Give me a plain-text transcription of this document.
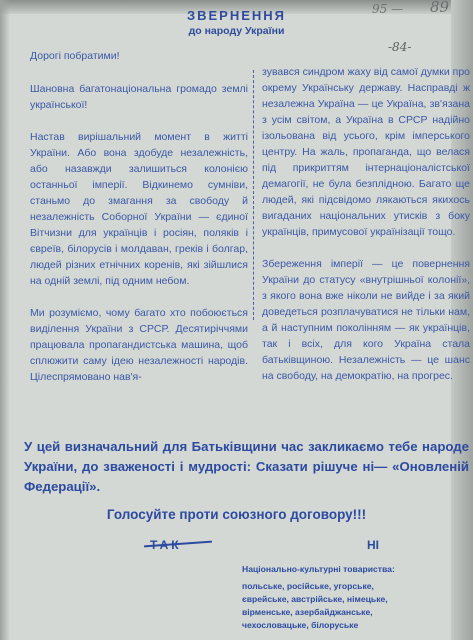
95 — 89
ЗВЕРНЕННЯ
до народу України
-84-

Дорогі побратими!

Шановна багатонаціональна громадо землі української!

Настав вирішальний момент в житті України. Або вона здобуде незалежність, або назавжди залишиться колонією останньої імперії. Відкинемо сумніви, станьмо до змагання за свободу й незалежність Соборної України — єдиної Вітчизни для українців і росіян, поляків і євреїв, білорусів і молдаван, греків і болгар, людей різних етнічних коренів, які зійшлися на одній землі, під одним небом.

Ми розуміємо, чому багато хто побоюється виділення України з СРСР. Десятиріччями працювала пропагандистська машина, щоб сплюжити саму ідею незалежності народів. Цілеспрямовано нав'я-

зувався синдром жаху від самої думки про окрему Українську державу. Насправді ж незалежна Україна — це Україна, зв'язана з усім світом, а Україна в СРСР надійно ізольована від усього, крім імперського центру. На жаль, пропаганда, що велася під прикриттям інтернаціоналістської демагогії, не була безплідною. Багато ще людей, які підсвідомо лякаються якихось вигаданих національних утисків з боку українців, примусової українізації тощо.

Збереження імперії — це повернення України до статусу «внутрішньої колонії», з якого вона вже ніколи не вийде і за який доведеться розплачуватися не тільки нам, а й наступним поколінням — як українців, так і всіх, для кого Україна стала батьківщиною. Незалежність — це шанс на свободу, на демократію, на прогрес.

У цей визначальний для Батьківщини час закликаємо тебе народе України, до зваженості і мудрості: Сказати рішуче ні— «Оновленій Федерації».
Голосуйте проти союзного договору!!!
ТАК	НІ
Національно-культурні товариства:
польське, російське, угорське,
єврейське, австрійське, німецьке,
вірменське, азербайджанське,
чехословацьке, білоруське
